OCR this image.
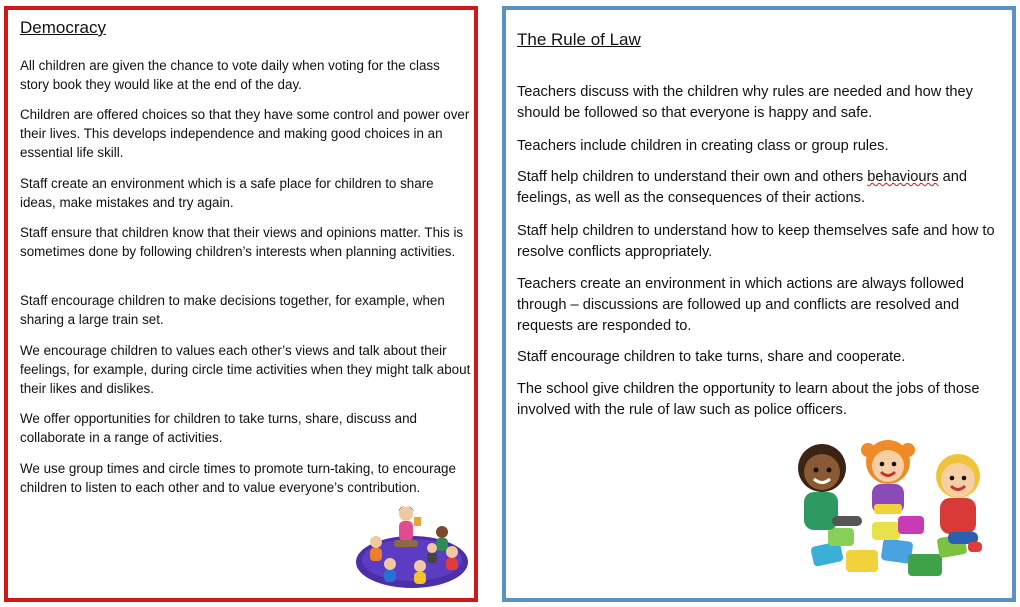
Democracy

All children are given the chance to vote daily when voting for the class story book they would like at the end of the day.

Children are offered choices so that they have some control and power over their lives. This develops independence and making good choices in an essential life skill.

Staff create an environment which is a safe place for children to share ideas, make mistakes and try again.

Staff ensure that children know that their views and opinions matter. This is sometimes done by following children’s interests when planning activities.

Staff encourage children to make decisions together, for example, when sharing a large train set.

We encourage children to values each other’s views and talk about their feelings, for example, during circle time activities when they might talk about their likes and dislikes.

We offer opportunities for children to take turns, share, discuss and collaborate in a range of activities.

We use group times and circle times to promote turn-taking, to encourage children to listen to each other and to value everyone’s contribution.

The Rule of Law

Teachers discuss with the children why rules are needed and how they should be followed so that everyone is happy and safe.

Teachers include children in creating class or group rules.

Staff help children to understand their own and others behaviours and feelings, as well as the consequences of their actions.

Staff help children to understand how to keep themselves safe and how to resolve conflicts appropriately.

Teachers create an environment in which actions are always followed through – discussions are followed up and conflicts are resolved and requests are responded to.

Staff encourage children to take turns, share and cooperate.

The school give children the opportunity to learn about the jobs of those involved with the rule of law such as police officers.
